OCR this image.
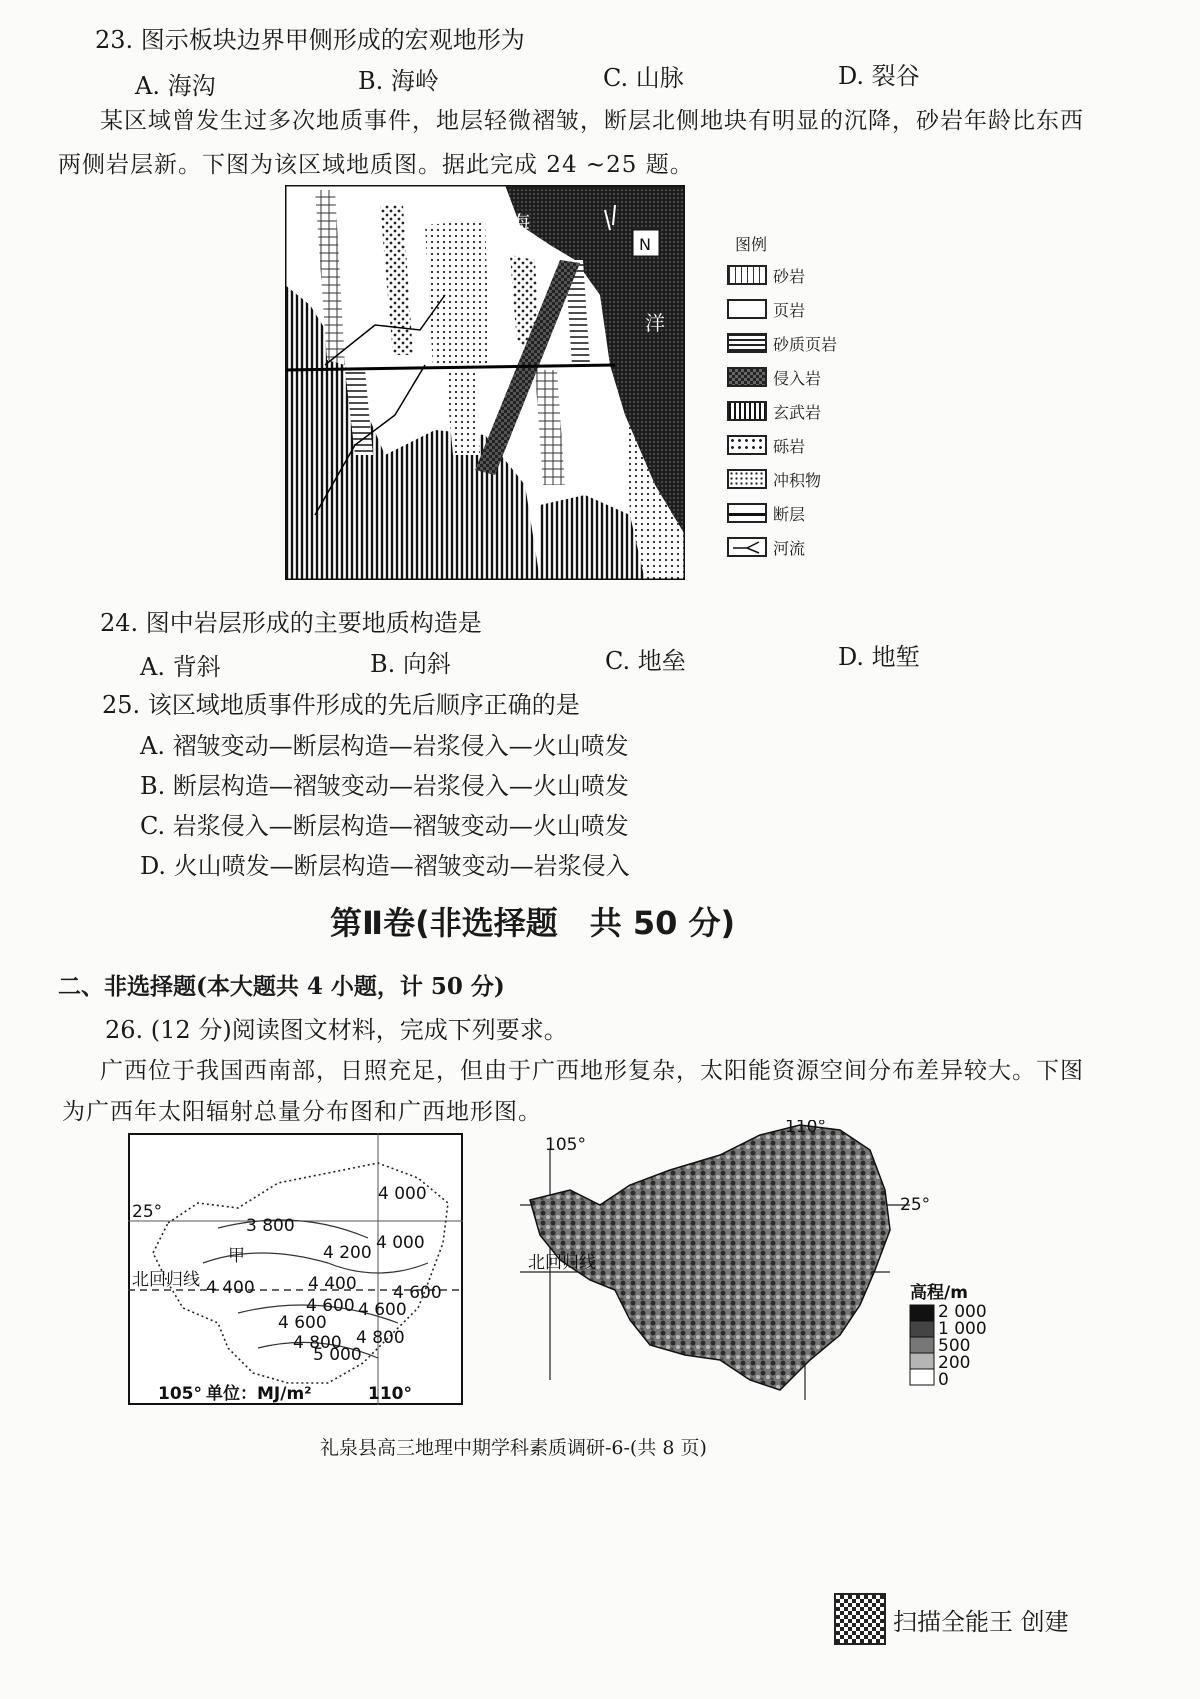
23. 图示板块边界甲侧形成的宏观地形为
A. 海沟	B. 海岭	C. 山脉	D. 裂谷
某区域曾发生过多次地质事件，地层轻微褶皱，断层北侧地块有明显的沉降，砂岩年龄比东西
两侧岩层新。下图为该区域地质图。据此完成 24 ~25 题。
海
洋
N	图例
砂岩
页岩
砂质页岩
侵入岩
玄武岩
砾岩
冲积物
断层
河流
24. 图中岩层形成的主要地质构造是
A. 背斜	B. 向斜	C. 地垒	D. 地堑
25. 该区域地质事件形成的先后顺序正确的是
A. 褶皱变动—断层构造—岩浆侵入—火山喷发
B. 断层构造—褶皱变动—岩浆侵入—火山喷发
C. 岩浆侵入—断层构造—褶皱变动—火山喷发
D. 火山喷发—断层构造—褶皱变动—岩浆侵入
第Ⅱ卷(非选择题　共 50 分)
二、非选择题(本大题共 4 小题，计 50 分)
26. (12 分)阅读图文材料，完成下列要求。
广西位于我国西南部，日照充足，但由于广西地形复杂，太阳能资源空间分布差异较大。下图
为广西年太阳辐射总量分布图和广西地形图。
25°
北回归线
4 000
3 800
4 200 4 000
4 400	4 400 4 600
4 600 4 600
4 600
4 800 4 800
5 000
甲
105° 单位：MJ/m²	110°
105°
110°
25°
北回归线
高程/m
2 000
1 000
500
200
0
礼泉县高三地理中期学科素质调研-6-(共 8 页)
扫描全能王 创建
